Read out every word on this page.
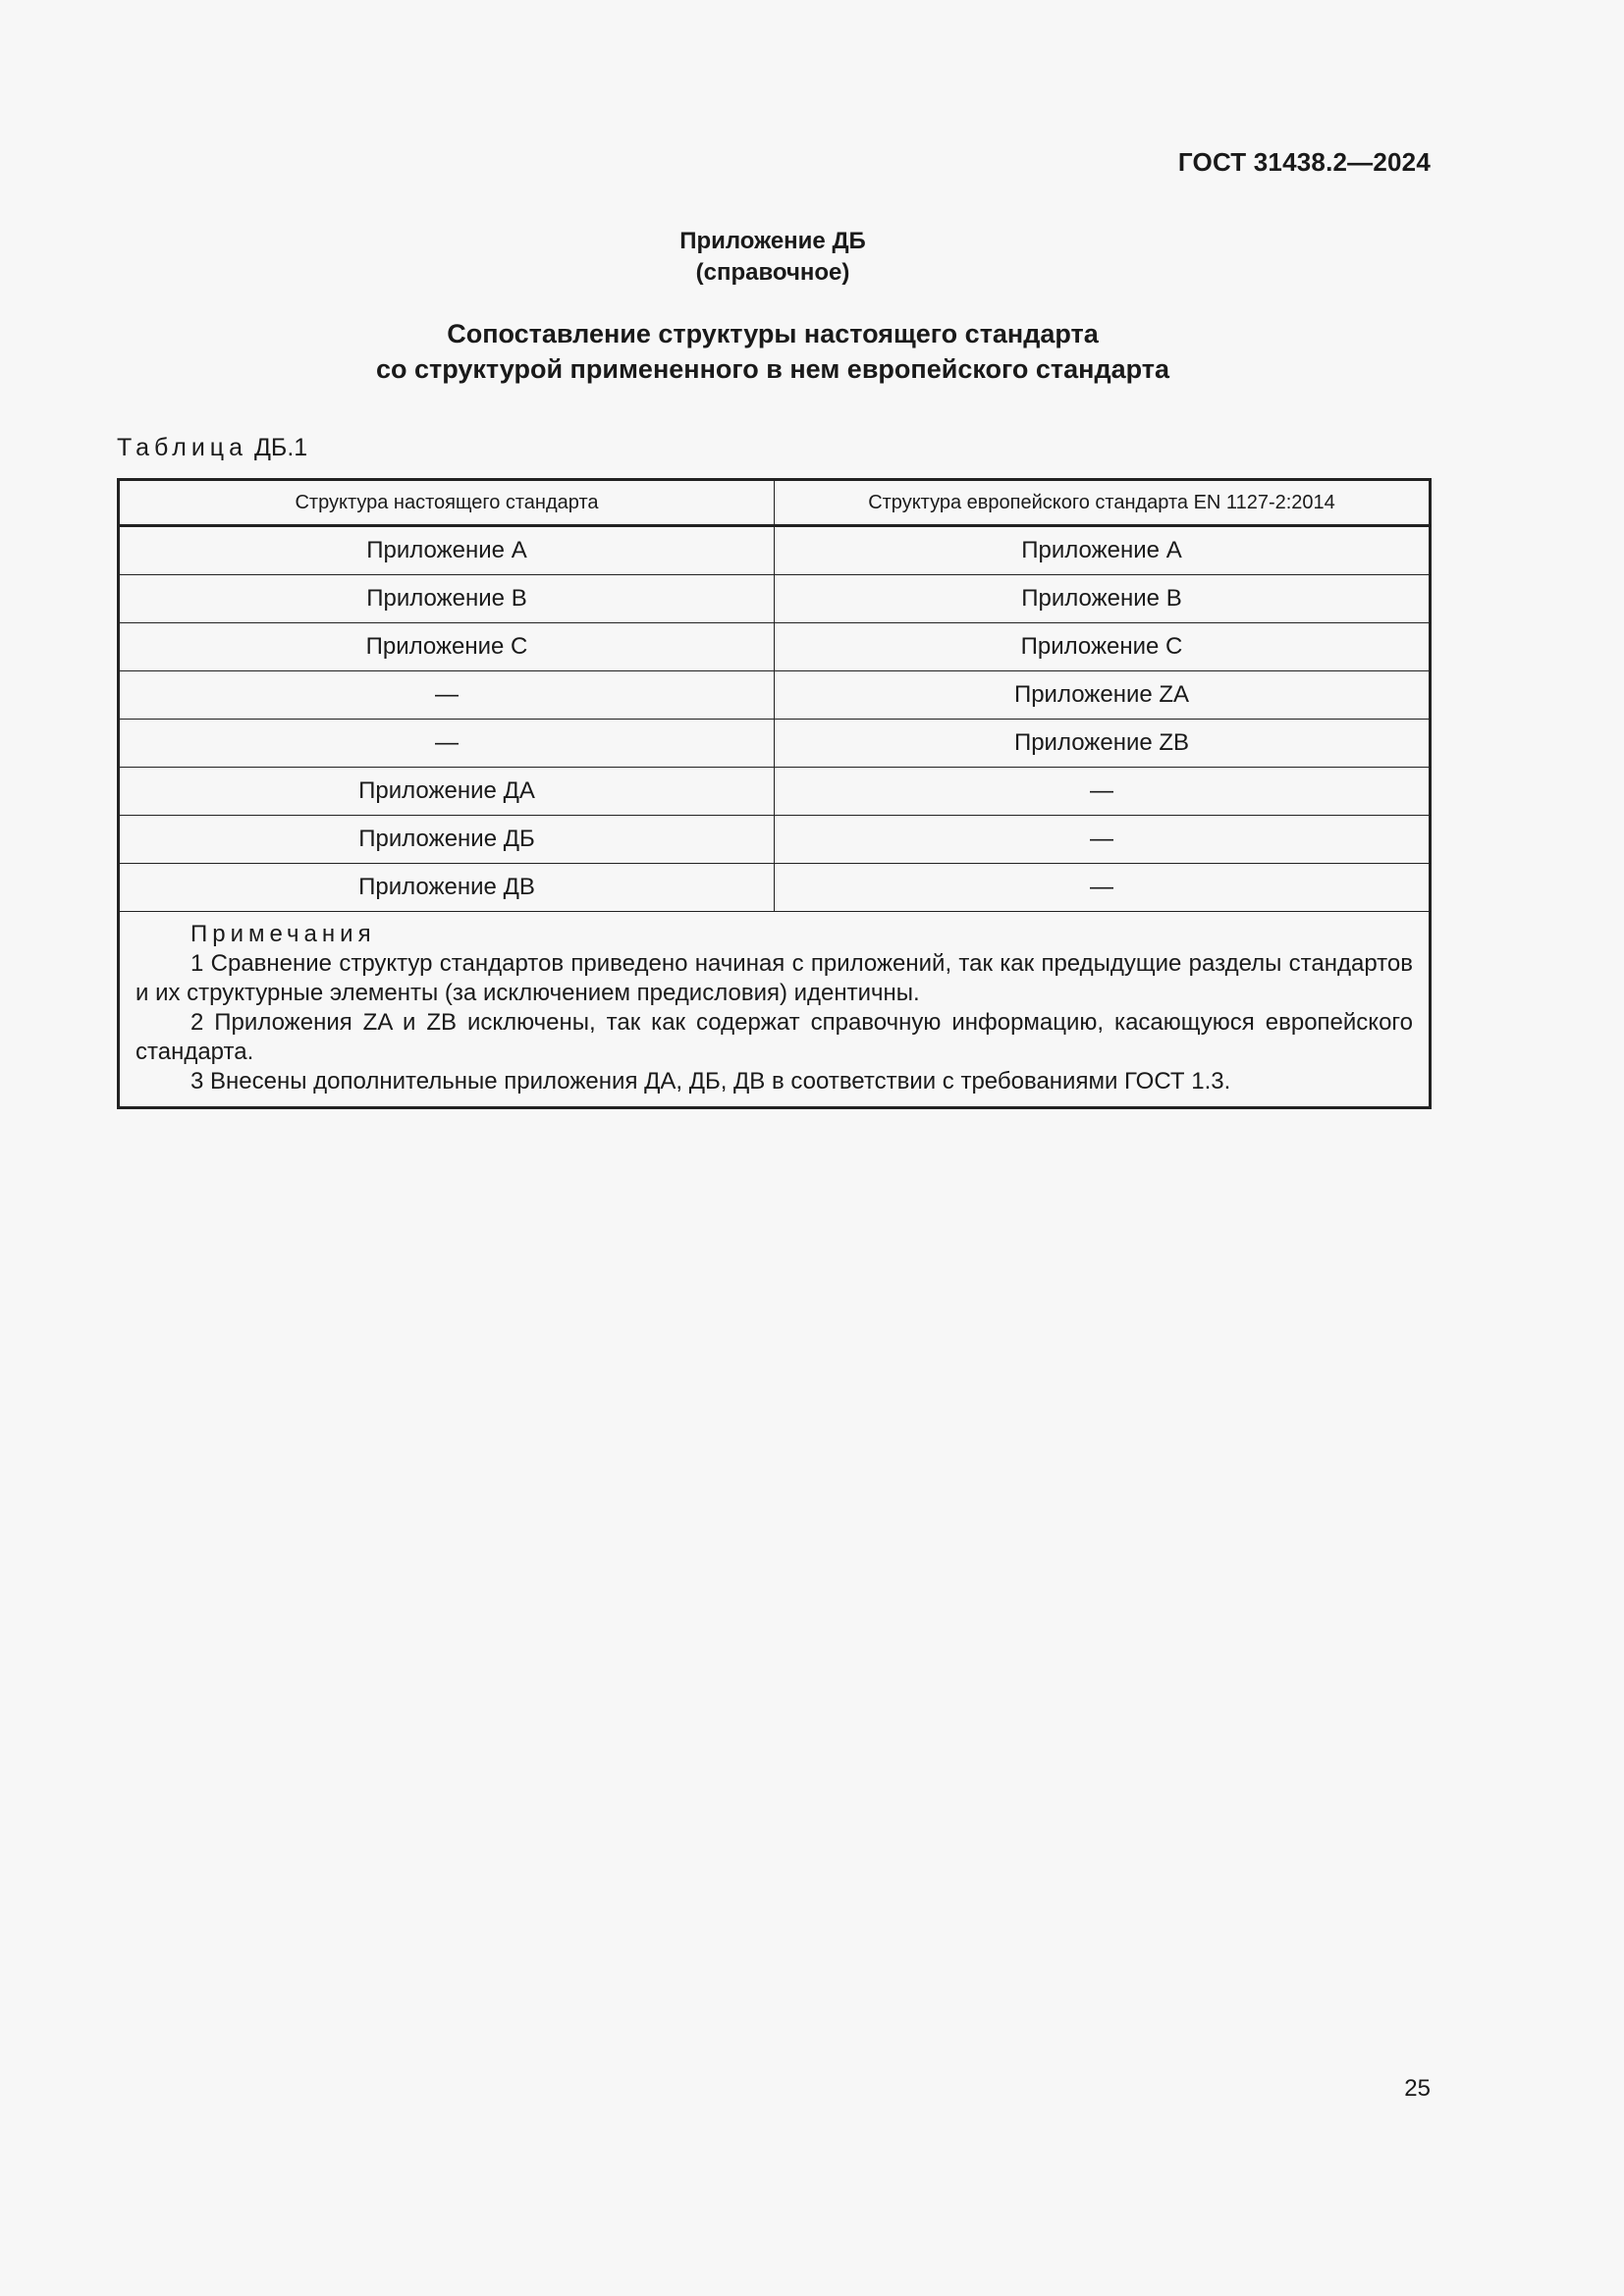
ГОСТ 31438.2—2024
Приложение ДБ
(справочное)
Сопоставление структуры настоящего стандарта
со структурой примененного в нем европейского стандарта
Таблица ДБ.1
Структура настоящего стандарта	Структура европейского стандарта EN 1127-2:2014
Приложение А	Приложение А
Приложение В	Приложение В
Приложение С	Приложение С
—	Приложение ZA
—	Приложение ZB
Приложение ДА	—
Приложение ДБ	—
Приложение ДВ	—

Примечания

1 Сравнение структур стандартов приведено начиная с приложений, так как предыдущие разделы стандартов и их структурные элементы (за исключением предисловия) идентичны.

2 Приложения ZA и ZB исключены, так как содержат справочную информацию, касающуюся европейского стандарта.

3 Внесены дополнительные приложения ДА, ДБ, ДВ в соответствии с требованиями ГОСТ 1.3.	

25
